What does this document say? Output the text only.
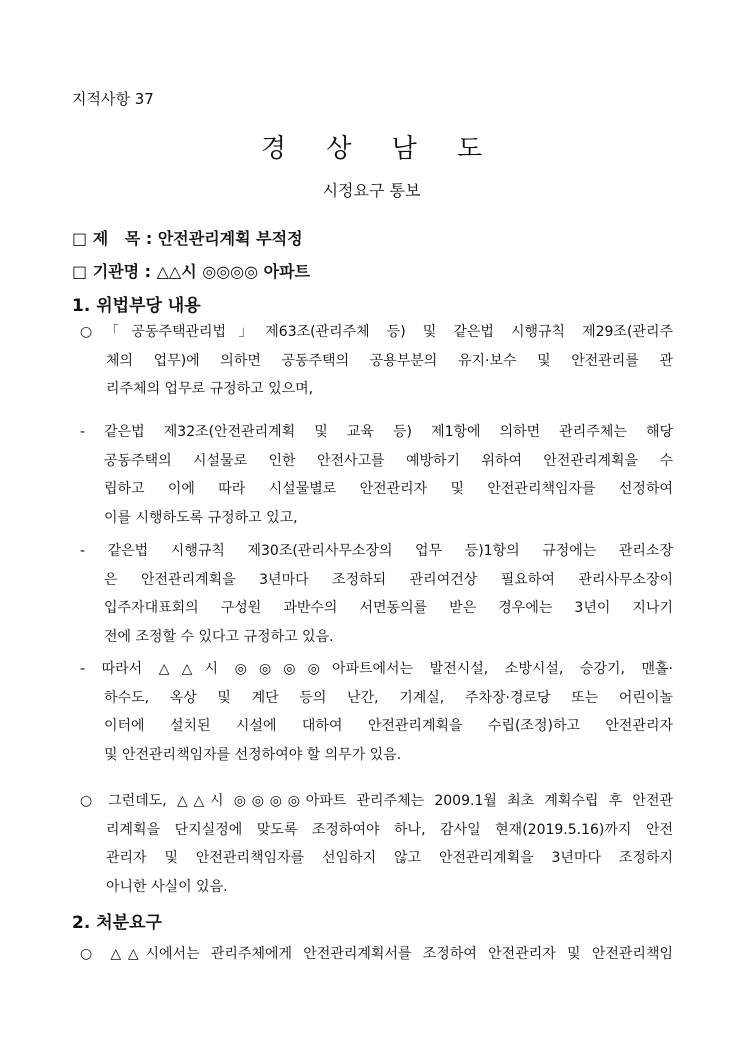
지적사항 37
경 상 남 도
시정요구 통보
□ 제   목 : 안전관리계획 부적정
□ 기관명 : △△시 ◎◎◎◎ 아파트
1. 위법부당 내용
○「공동주택관리법」제63조(관리주체 등) 및 같은법 시행규칙 제29조(관리주
체의 업무)에 의하면 공동주택의 공용부분의 유지·보수 및 안전관리를 관
리주체의 업무로 규정하고 있으며,
- 같은법 제32조(안전관리계획 및 교육 등) 제1항에 의하면 관리주체는 해당
공동주택의 시설물로 인한 안전사고를 예방하기 위하여 안전관리계획을 수
립하고 이에 따라 시설물별로 안전관리자 및 안전관리책임자를 선정하여
이를 시행하도록 규정하고 있고,
- 같은법 시행규칙 제30조(관리사무소장의 업무 등)1항의 규정에는 관리소장
은 안전관리계획을 3년마다 조정하되 관리여건상 필요하여 관리사무소장이
입주자대표회의 구성원 과반수의 서면동의를 받은 경우에는 3년이 지나기
전에 조정할 수 있다고 규정하고 있음.
- 따라서 △△시 ◎◎◎◎아파트에서는 발전시설, 소방시설, 승강기, 맨홀·
하수도, 옥상 및 계단 등의 난간, 기계실, 주차장·경로당 또는 어린이놀
이터에 설치된 시설에 대하여 안전관리계획을 수립(조정)하고 안전관리자
및 안전관리책임자를 선정하여야 할 의무가 있음.
○ 그런데도, △△시 ◎◎◎◎아파트 관리주체는 2009.1월 최초 계획수립 후 안전관
리계획을 단지실정에 맞도록 조정하여야 하나, 감사일 현재(2019.5.16)까지 안전
관리자 및 안전관리책임자를 선임하지 않고 안전관리계획을 3년마다 조정하지
아니한 사실이 있음.
2. 처분요구
○ △△시에서는 관리주체에게 안전관리계획서를 조정하여 안전관리자 및 안전관리책임
